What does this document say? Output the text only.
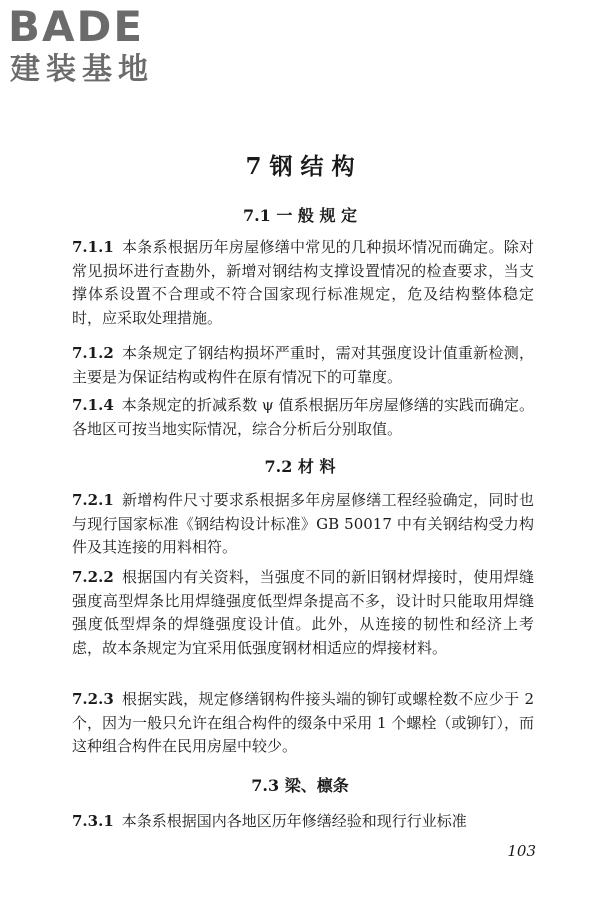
BADE
建装基地
7 钢 结 构
7.1 一 般 规 定

7.1.1 本条系根据历年房屋修缮中常见的几种损坏情况而确定。除对常见损坏进行查勘外，新增对钢结构支撑设置情况的检查要求，当支撑体系设置不合理或不符合国家现行标准规定，危及结构整体稳定时，应采取处理措施。

7.1.2 本条规定了钢结构损坏严重时，需对其强度设计值重新检测，主要是为保证结构或构件在原有情况下的可靠度。

7.1.4 本条规定的折减系数 ψ 值系根据历年房屋修缮的实践而确定。各地区可按当地实际情况，综合分析后分别取值。

7.2 材 料

7.2.1 新增构件尺寸要求系根据多年房屋修缮工程经验确定，同时也与现行国家标准《钢结构设计标准》GB 50017 中有关钢结构受力构件及其连接的用料相符。

7.2.2 根据国内有关资料，当强度不同的新旧钢材焊接时，使用焊缝强度高型焊条比用焊缝强度低型焊条提高不多，设计时只能取用焊缝强度低型焊条的焊缝强度设计值。此外，从连接的韧性和经济上考虑，故本条规定为宜采用低强度钢材相适应的焊接材料。

7.2.3 根据实践，规定修缮钢构件接头端的铆钉或螺栓数不应少于 2 个，因为一般只允许在组合构件的缀条中采用 1 个螺栓（或铆钉），而这种组合构件在民用房屋中较少。

7.3 梁、檩条

7.3.1 本条系根据国内各地区历年修缮经验和现行行业标准

103
